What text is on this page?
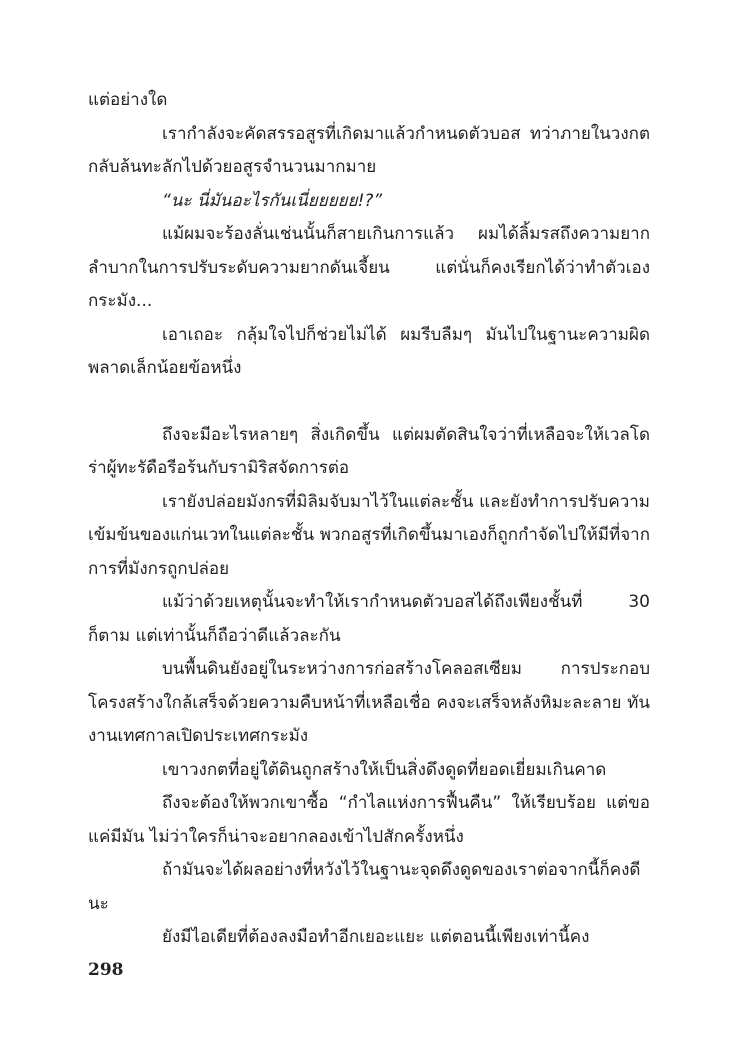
แต่อย่างใด

เรากำลังจะคัดสรรอสูรที่เกิดมาแล้วกำหนดตัวบอส ทว่าภายในวงกตกลับล้นทะลักไปด้วยอสูรจำนวนมากมาย

“นะ นี่มันอะไรกันเนี่ยยยยย!?”

แม้ผมจะร้องลั่นเช่นนั้นก็สายเกินการแล้ว ผมได้ลิ้มรสถึงความยากลำบากในการปรับระดับความยากดันเจี้ยน แต่นั่นก็คงเรียกได้ว่าทำตัวเองกระมัง...

เอาเถอะ กลุ้มใจไปก็ช่วยไม่ได้ ผมรีบลืมๆ มันไปในฐานะความผิดพลาดเล็กน้อยข้อหนึ่ง

ถึงจะมีอะไรหลายๆ สิ่งเกิดขึ้น แต่ผมตัดสินใจว่าที่เหลือจะให้เวลโดร่าผู้ทะรัดือรีอร้นกับรามิริสจัดการต่อ

เรายังปล่อยมังกรที่มิลิมจับมาไว้ในแต่ละชั้น และยังทำการปรับความเข้มข้นของแก่นเวทในแต่ละชั้น พวกอสูรที่เกิดขึ้นมาเองก็ถูกกำจัดไปให้มีที่จากการที่มังกรถูกปล่อย

แม้ว่าด้วยเหตุนั้นจะทำให้เรากำหนดตัวบอสได้ถึงเพียงชั้นที่ 30 ก็ตาม แต่เท่านั้นก็ถือว่าดีแล้วละกัน

บนพื้นดินยังอยู่ในระหว่างการก่อสร้างโคลอสเซียม การประกอบโครงสร้างใกล้เสร็จด้วยความคืบหน้าที่เหลือเชื่อ คงจะเสร็จหลังหิมะละลาย ทันงานเทศกาลเปิดประเทศกระมัง

เขาวงกตที่อยู่ใต้ดินถูกสร้างให้เป็นสิ่งดึงดูดที่ยอดเยี่ยมเกินคาด

ถึงจะต้องให้พวกเขาซื้อ “กำไลแห่งการฟื้นคืน” ให้เรียบร้อย แต่ขอแค่มีมัน ไม่ว่าใครก็น่าจะอยากลองเข้าไปสักครั้งหนึ่ง

ถ้ามันจะได้ผลอย่างที่หวังไว้ในฐานะจุดดึงดูดของเราต่อจากนี้ก็คงดีนะ

ยังมีไอเดียที่ต้องลงมือทำอีกเยอะแยะ แต่ตอนนี้เพียงเท่านี้คง

298
